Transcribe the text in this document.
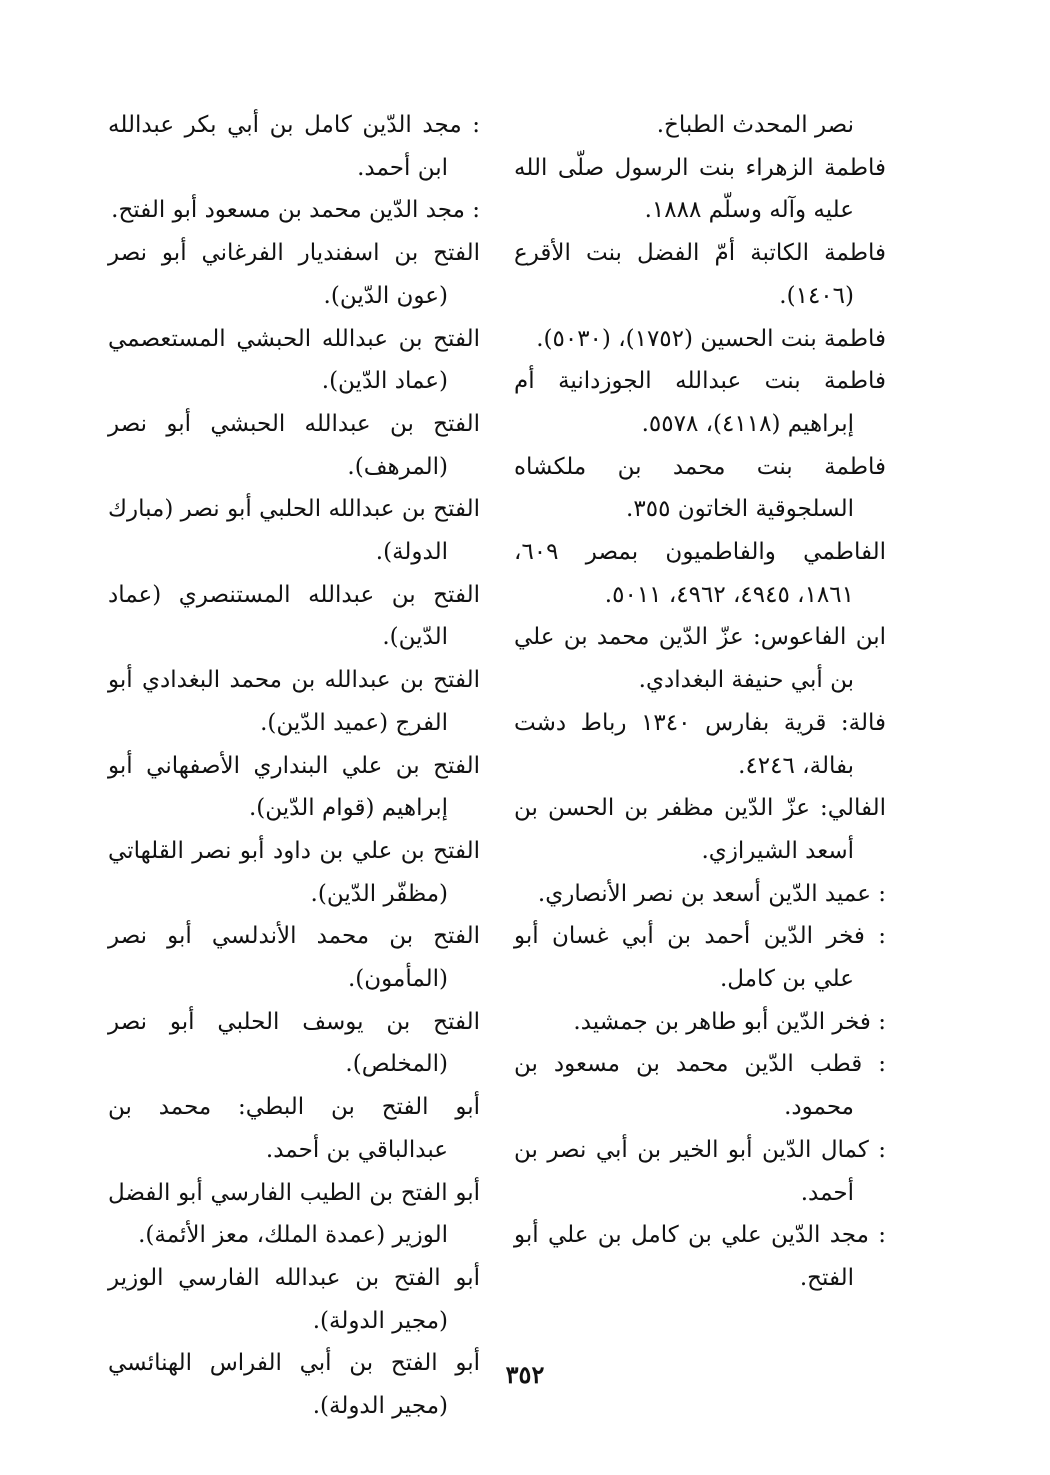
نصر المحدث الطباخ.

فاطمة الزهراء بنت الرسول صلّى الله عليه وآله وسلّم ١٨٨٨.

فاطمة الكاتبة أمّ الفضل بنت الأقرع (١٤٠٦).

فاطمة بنت الحسين (١٧٥٢)، (٥٠٣٠).

فاطمة بنت عبدالله الجوزدانية أم إبراهيم (٤١١٨)، ٥٥٧٨.

فاطمة بنت محمد بن ملكشاه السلجوقية الخاتون ٣٥٥.

الفاطمي والفاطميون بمصر ٦٠٩، ١٨٦١، ٤٩٤٥، ٤٩٦٢، ٥٠١١.

ابن الفاعوس: عزّ الدّين محمد بن علي بن أبي حنيفة البغدادي.

فالة: قرية بفارس ١٣٤٠ رباط دشت بفالة، ٤٢٤٦.

الفالي: عزّ الدّين مظفر بن الحسن بن أسعد الشيرازي.

: عميد الدّين أسعد بن نصر الأنصاري.

: فخر الدّين أحمد بن أبي غسان أبو علي بن كامل.

: فخر الدّين أبو طاهر بن جمشيد.

: قطب الدّين محمد بن مسعود بن محمود.

: كمال الدّين أبو الخير بن أبي نصر بن أحمد.

: مجد الدّين علي بن كامل بن علي أبو الفتح.

: مجد الدّين كامل بن أبي بكر عبدالله ابن أحمد.

: مجد الدّين محمد بن مسعود أبو الفتح.

الفتح بن اسفنديار الفرغاني أبو نصر (عون الدّين).

الفتح بن عبدالله الحبشي المستعصمي (عماد الدّين).

الفتح بن عبدالله الحبشي أبو نصر (المرهف).

الفتح بن عبدالله الحلبي أبو نصر (مبارك الدولة).

الفتح بن عبدالله المستنصري (عماد الدّين).

الفتح بن عبدالله بن محمد البغدادي أبو الفرج (عميد الدّين).

الفتح بن علي البنداري الأصفهاني أبو إبراهيم (قوام الدّين).

الفتح بن علي بن داود أبو نصر القلهاتي (مظفّر الدّين).

الفتح بن محمد الأندلسي أبو نصر (المأمون).

الفتح بن يوسف الحلبي أبو نصر (المخلص).

أبو الفتح بن البطي: محمد بن عبدالباقي بن أحمد.

أبو الفتح بن الطيب الفارسي أبو الفضل الوزير (عمدة الملك، معز الأئمة).

أبو الفتح بن عبدالله الفارسي الوزير (مجير الدولة).

أبو الفتح بن أبي الفراس الهنائسي (مجير الدولة).

٣٥٢
